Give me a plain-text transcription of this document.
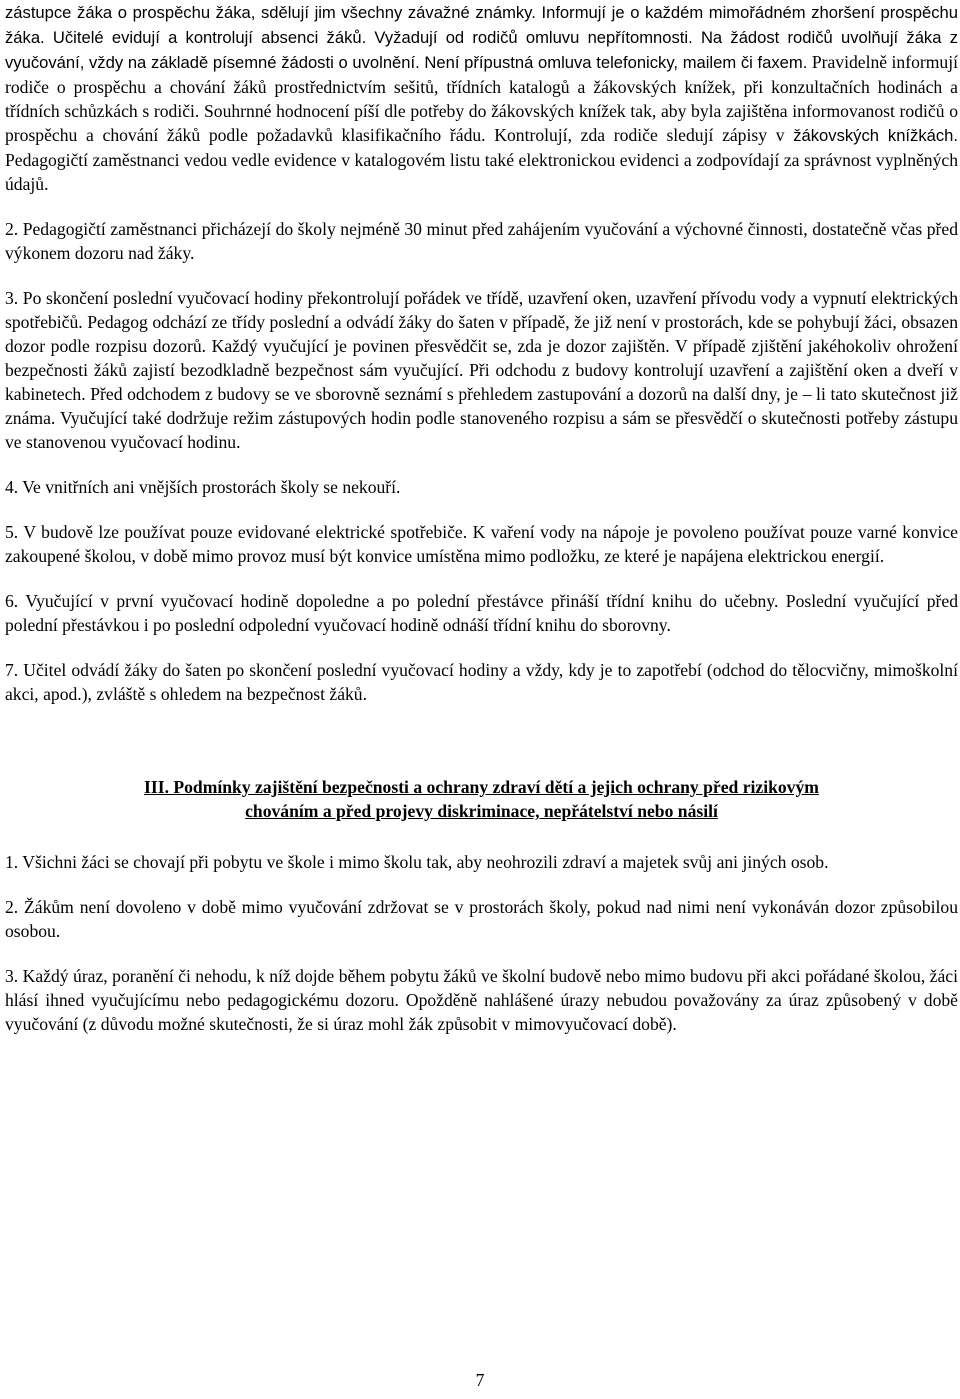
zástupce žáka o prospěchu žáka, sdělují jim všechny závažné známky. Informují je o každém mimořádném zhoršení prospěchu žáka. Učitelé evidují a kontrolují absenci žáků. Vyžadují od rodičů omluvu nepřítomnosti. Na žádost rodičů uvolňují žáka z vyučování, vždy na základě písemné žádosti o uvolnění. Není přípustná omluva telefonicky, mailem či faxem. Pravidelně informují rodiče o prospěchu a chování žáků prostřednictvím sešitů, třídních katalogů a žákovských knížek, při konzultačních hodinách a třídních schůzkách s rodiči. Souhrnné hodnocení píší dle potřeby do žákovských knížek tak, aby byla zajištěna informovanost rodičů o prospěchu a chování žáků podle požadavků klasifikačního řádu. Kontrolují, zda rodiče sledují zápisy v žákovských knížkách. Pedagogičtí zaměstnanci vedou vedle evidence v katalogovém listu také elektronickou evidenci a zodpovídají za správnost vyplněných údajů.

2. Pedagogičtí zaměstnanci přicházejí do školy nejméně 30 minut před zahájením vyučování a výchovné činnosti, dostatečně včas před výkonem dozoru nad žáky.

3. Po skončení poslední vyučovací hodiny překontrolují pořádek ve třídě, uzavření oken, uzavření přívodu vody a vypnutí elektrických spotřebičů. Pedagog odchází ze třídy poslední a odvádí žáky do šaten v případě, že již není v prostorách, kde se pohybují žáci, obsazen dozor podle rozpisu dozorů. Každý vyučující je povinen přesvědčit se, zda je dozor zajištěn. V případě zjištění jakéhokoliv ohrožení bezpečnosti žáků zajistí bezodkladně bezpečnost sám vyučující. Při odchodu z budovy kontrolují uzavření a zajištění oken a dveří v kabinetech. Před odchodem z budovy se ve sborovně seznámí s přehledem zastupování a dozorů na další dny, je – li tato skutečnost již známa. Vyučující také dodržuje režim zástupových hodin podle stanoveného rozpisu a sám se přesvědčí o skutečnosti potřeby zástupu ve stanovenou vyučovací hodinu.

4. Ve vnitřních ani vnějších prostorách školy se nekouří.

5. V budově lze používat pouze evidované elektrické spotřebiče. K vaření vody na nápoje je povoleno používat pouze varné konvice zakoupené školou, v době mimo provoz musí být konvice umístěna mimo podložku, ze které je napájena elektrickou energií.

6. Vyučující v první vyučovací hodině dopoledne a po polední přestávce přináší třídní knihu do učebny. Poslední vyučující před polední přestávkou i po poslední odpolední vyučovací hodině odnáší třídní knihu do sborovny.

7. Učitel odvádí žáky do šaten po skončení poslední vyučovací hodiny a vždy, kdy je to zapotřebí (odchod do tělocvičny, mimoškolní akci, apod.), zvláště s ohledem na bezpečnost žáků.

III. Podmínky zajištění bezpečnosti a ochrany zdraví dětí a jejich ochrany před rizikovým
chováním a před projevy diskriminace, nepřátelství nebo násilí

1. Všichni žáci se chovají při pobytu ve škole i mimo školu tak, aby neohrozili zdraví a majetek svůj ani jiných osob.

2. Žákům není dovoleno v době mimo vyučování zdržovat se v prostorách školy, pokud nad nimi není vykonáván dozor způsobilou osobou.

3. Každý úraz, poranění či nehodu, k níž dojde během pobytu žáků ve školní budově nebo mimo budovu při akci pořádané školou, žáci hlásí ihned vyučujícímu nebo pedagogickému dozoru. Opožděně nahlášené úrazy nebudou považovány za úraz způsobený v době vyučování (z důvodu možné skutečnosti, že si úraz mohl žák způsobit v mimovyučovací době).

7
